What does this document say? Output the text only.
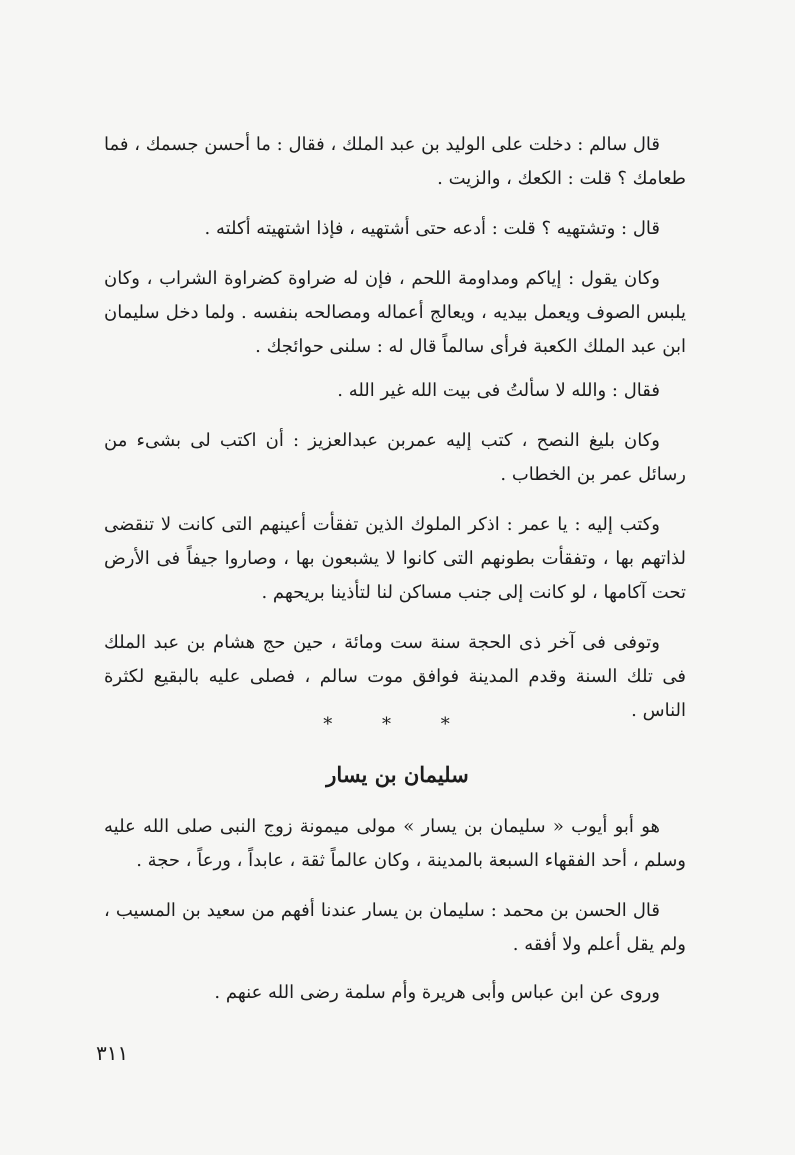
قال سالم : دخلت على الوليد بن عبد الملك ، فقال : ما أحسن جسمك ، فما طعامك ؟ قلت : الكعك ، والزيت .

قال : وتشتهيه ؟ قلت : أدعه حتى أشتهيه ، فإذا اشتهيته أكلته .

وكان يقول : إياكم ومداومة اللحم ، فإن له ضراوة كضراوة الشراب ، وكان يلبس الصوف ويعمل بيديه ، ويعالج أعماله ومصالحه بنفسه . ولما دخل سليمان ابن عبد الملك الكعبة فرأى سالماً قال له : سلنى حوائجك .

فقال : والله لا سألتُ فى بيت الله غير الله .

وكان بليغ النصح ، كتب إليه عمربن عبدالعزيز : أن اكتب لى بشىء من رسائل عمر بن الخطاب .

وكتب إليه : يا عمر : اذكر الملوك الذين تفقأت أعينهم التى كانت لا تنقضى لذاتهم بها ، وتفقأت بطونهم التى كانوا لا يشبعون بها ، وصاروا جيفاً فى الأرض تحت آكامها ، لو كانت إلى جنب مساكن لنا لتأذينا بريحهم .

وتوفى فى آخر ذى الحجة سنة ست ومائة ، حين حج هشام بن عبد الملك فى تلك السنة وقدم المدينة فوافق موت سالم ، فصلى عليه بالبقيع لكثرة الناس .

* * *

سليمان بن يسار

هو أبو أيوب « سليمان بن يسار » مولى ميمونة زوج النبى صلى الله عليه وسلم ، أحد الفقهاء السبعة بالمدينة ، وكان عالماً ثقة ، عابداً ، ورعاً ، حجة .

قال الحسن بن محمد : سليمان بن يسار عندنا أفهم من سعيد بن المسيب ، ولم يقل أعلم ولا أفقه .

وروى عن ابن عباس وأبى هريرة وأم سلمة رضى الله عنهم .

٣١١
